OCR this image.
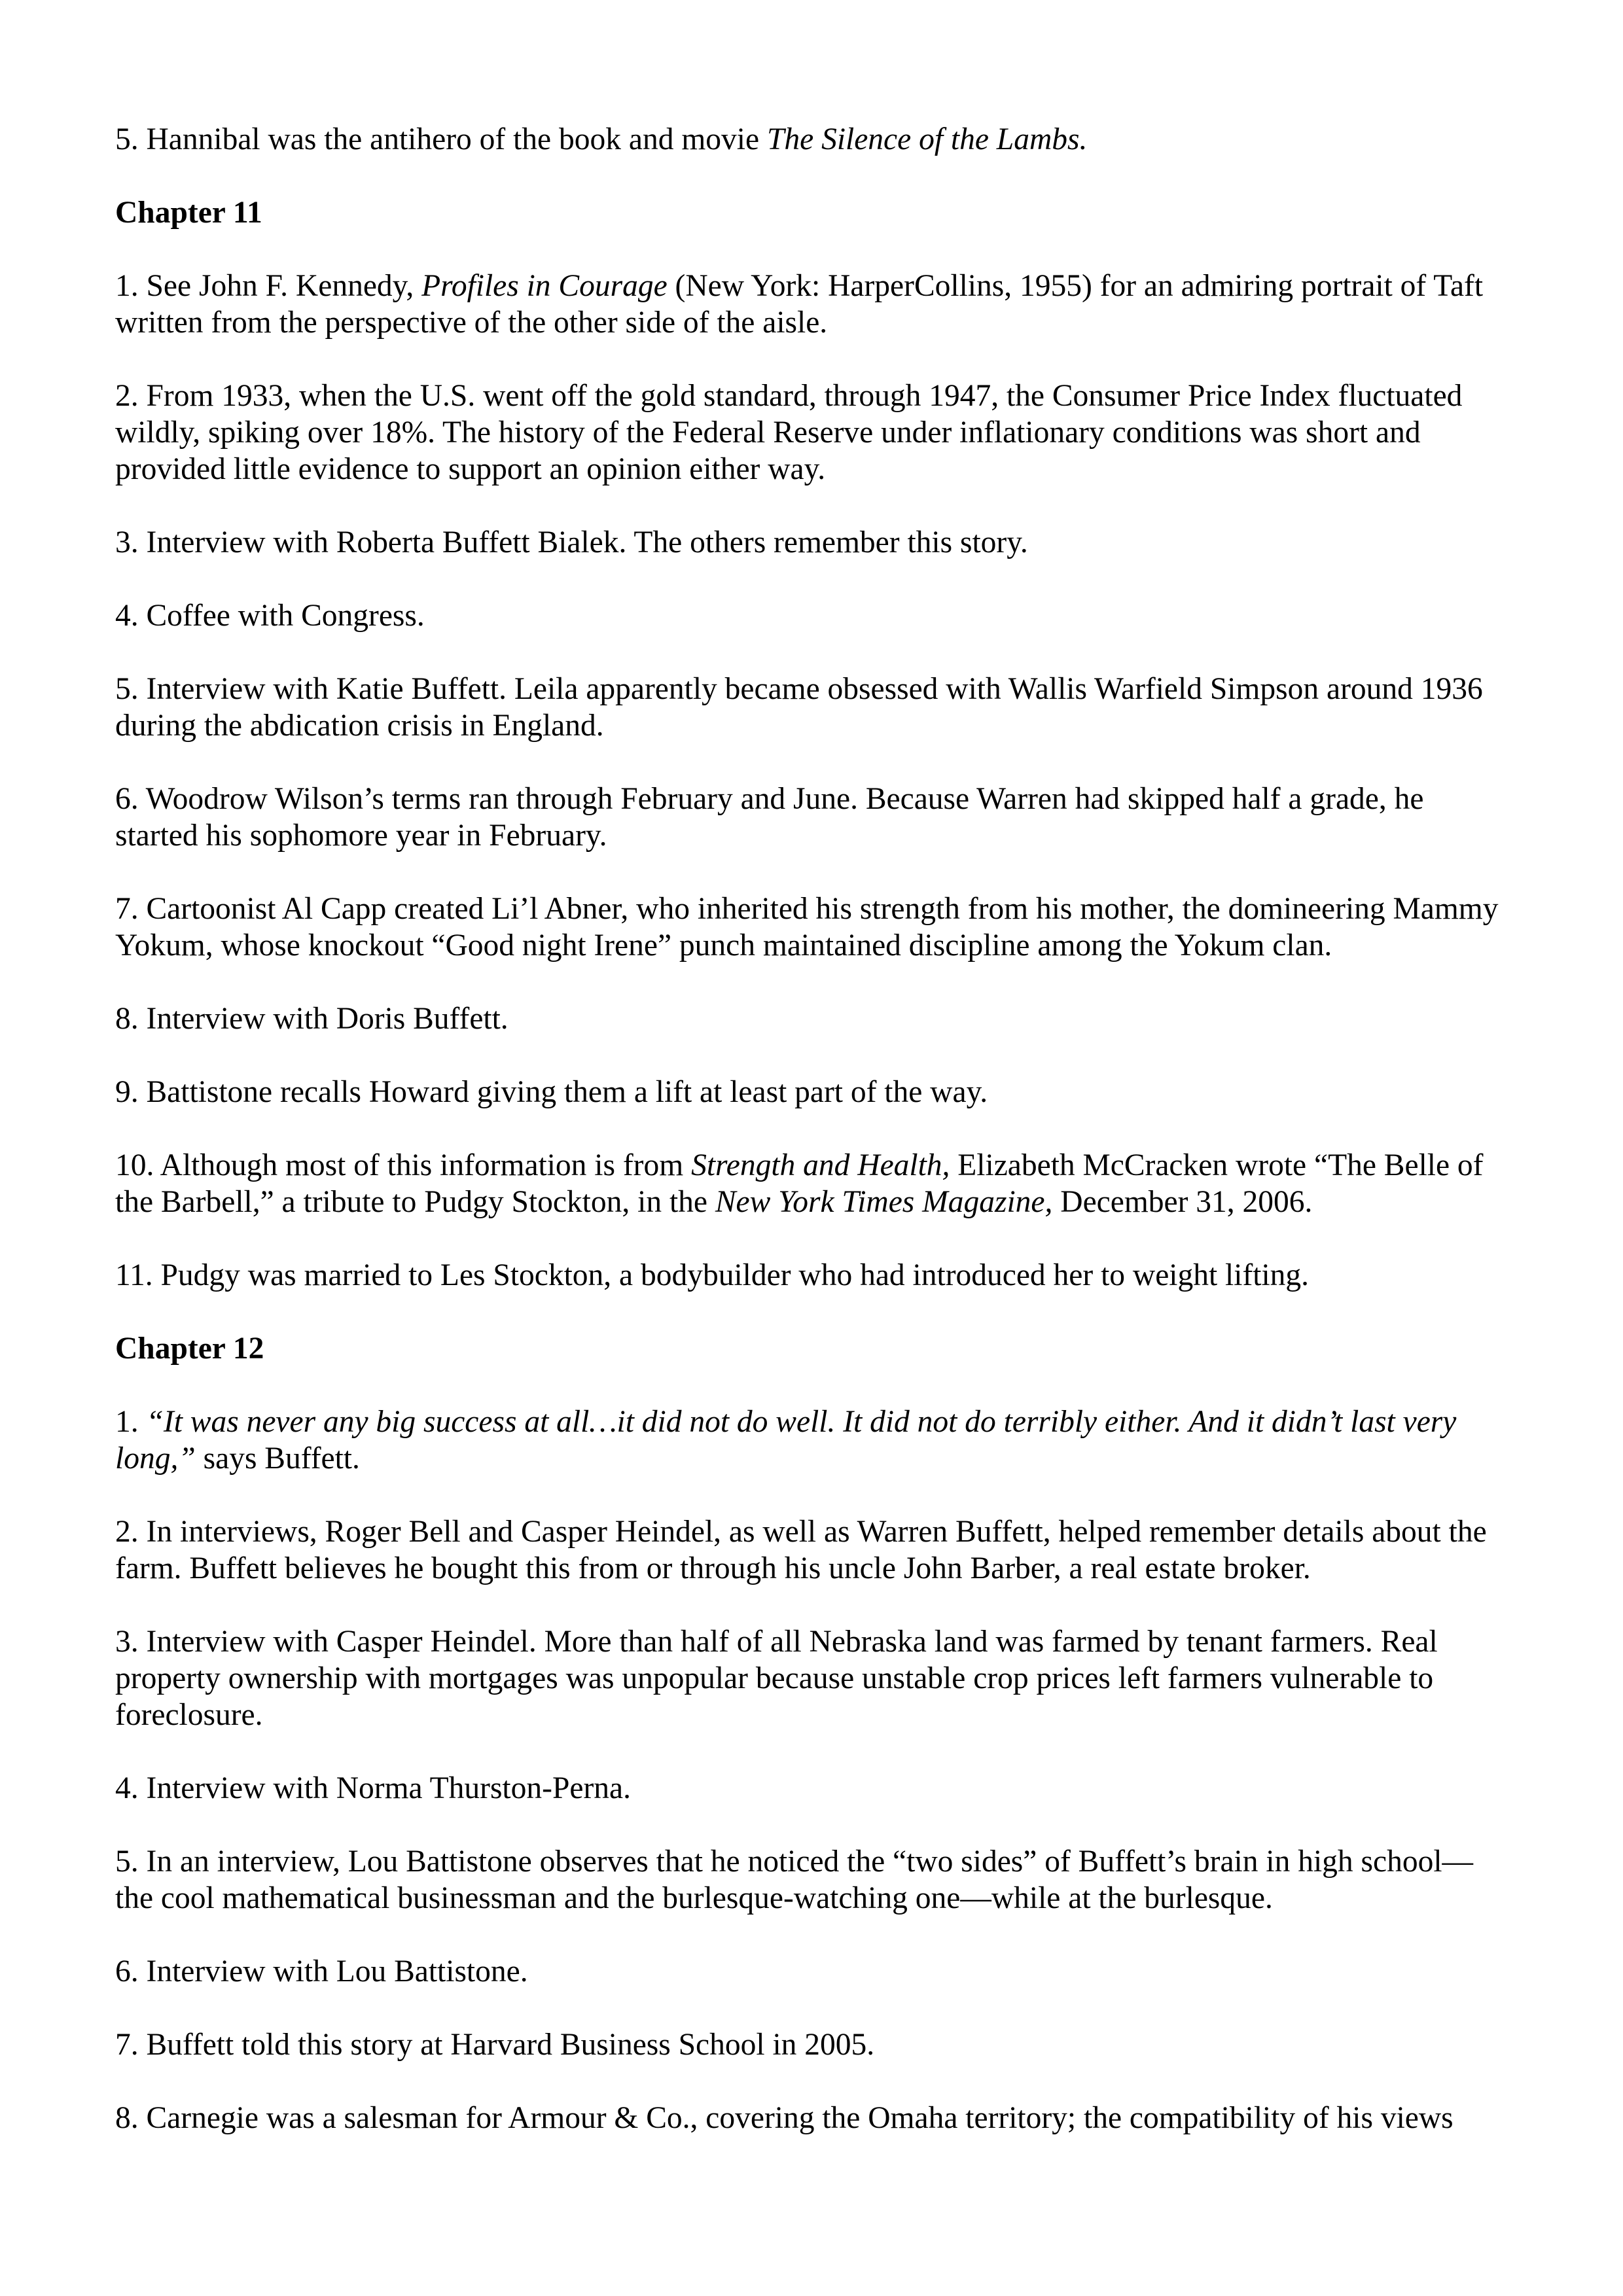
5. Hannibal was the antihero of the book and movie The Silence of the Lambs.

Chapter 11

1. See John F. Kennedy, Profiles in Courage (New York: HarperCollins, 1955) for an admiring portrait of Taft written from the perspective of the other side of the aisle.

2. From 1933, when the U.S. went off the gold standard, through 1947, the Consumer Price Index fluctuated wildly, spiking over 18%. The history of the Federal Reserve under inflationary conditions was short and provided little evidence to support an opinion either way.

3. Interview with Roberta Buffett Bialek. The others remember this story.

4. Coffee with Congress.

5. Interview with Katie Buffett. Leila apparently became obsessed with Wallis Warfield Simpson around 1936 during the abdication crisis in England.

6. Woodrow Wilson’s terms ran through February and June. Because Warren had skipped half a grade, he started his sophomore year in February.

7. Cartoonist Al Capp created Li’l Abner, who inherited his strength from his mother, the domineering Mammy Yokum, whose knockout “Good night Irene” punch maintained discipline among the Yokum clan.

8. Interview with Doris Buffett.

9. Battistone recalls Howard giving them a lift at least part of the way.

10. Although most of this information is from Strength and Health, Elizabeth McCracken wrote “The Belle of the Barbell,” a tribute to Pudgy Stockton, in the New York Times Magazine, December 31, 2006.

11. Pudgy was married to Les Stockton, a bodybuilder who had introduced her to weight lifting.

Chapter 12

1. “It was never any big success at all…it did not do well. It did not do terribly either. And it didn’t last very long,” says Buffett.

2. In interviews, Roger Bell and Casper Heindel, as well as Warren Buffett, helped remember details about the farm. Buffett believes he bought this from or through his uncle John Barber, a real estate broker.

3. Interview with Casper Heindel. More than half of all Nebraska land was farmed by tenant farmers. Real property ownership with mortgages was unpopular because unstable crop prices left farmers vulnerable to foreclosure.

4. Interview with Norma Thurston-Perna.

5. In an interview, Lou Battistone observes that he noticed the “two sides” of Buffett’s brain in high school—the cool mathematical businessman and the burlesque-watching one—while at the burlesque.

6. Interview with Lou Battistone.

7. Buffett told this story at Harvard Business School in 2005.

8. Carnegie was a salesman for Armour & Co., covering the Omaha territory; the compatibility of his views
